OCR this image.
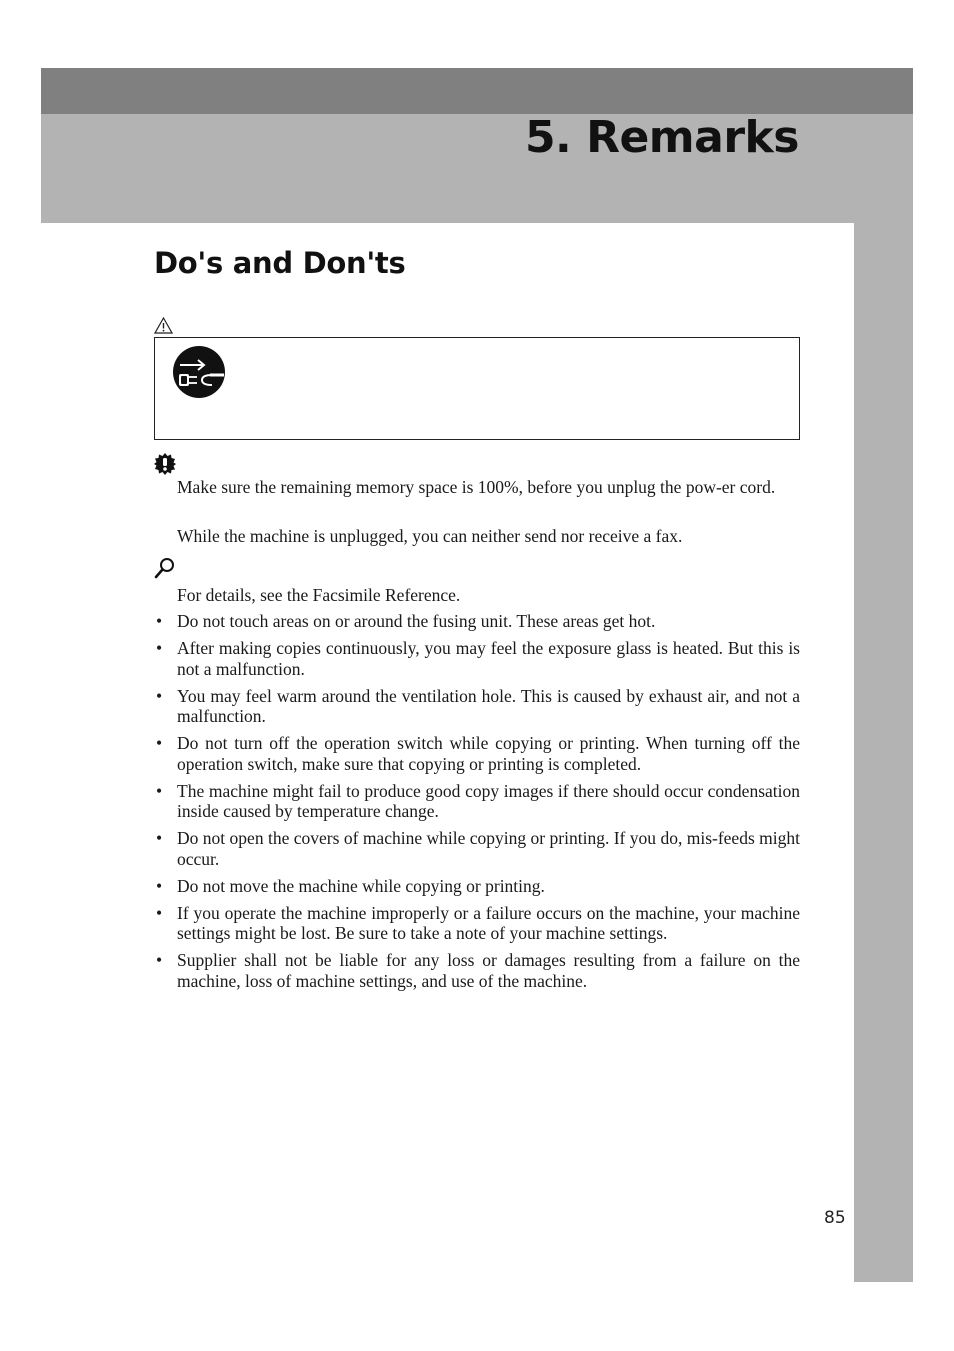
5. Remarks
Do's and Don'ts

Make sure the remaining memory space is 100%, before you unplug the pow-er cord.

While the machine is unplugged, you can neither send nor receive a fax.

For details, see the Facsimile Reference.

• Do not touch areas on or around the fusing unit. These areas get hot.
• After making copies continuously, you may feel the exposure glass is heated. But this is not a malfunction.
• You may feel warm around the ventilation hole. This is caused by exhaust air, and not a malfunction.
• Do not turn off the operation switch while copying or printing. When turning off the operation switch, make sure that copying or printing is completed.
• The machine might fail to produce good copy images if there should occur condensation inside caused by temperature change.
• Do not open the covers of machine while copying or printing. If you do, mis-feeds might occur.
• Do not move the machine while copying or printing.
• If you operate the machine improperly or a failure occurs on the machine, your machine settings might be lost. Be sure to take a note of your machine settings.
• Supplier shall not be liable for any loss or damages resulting from a failure on the machine, loss of machine settings, and use of the machine.
85
